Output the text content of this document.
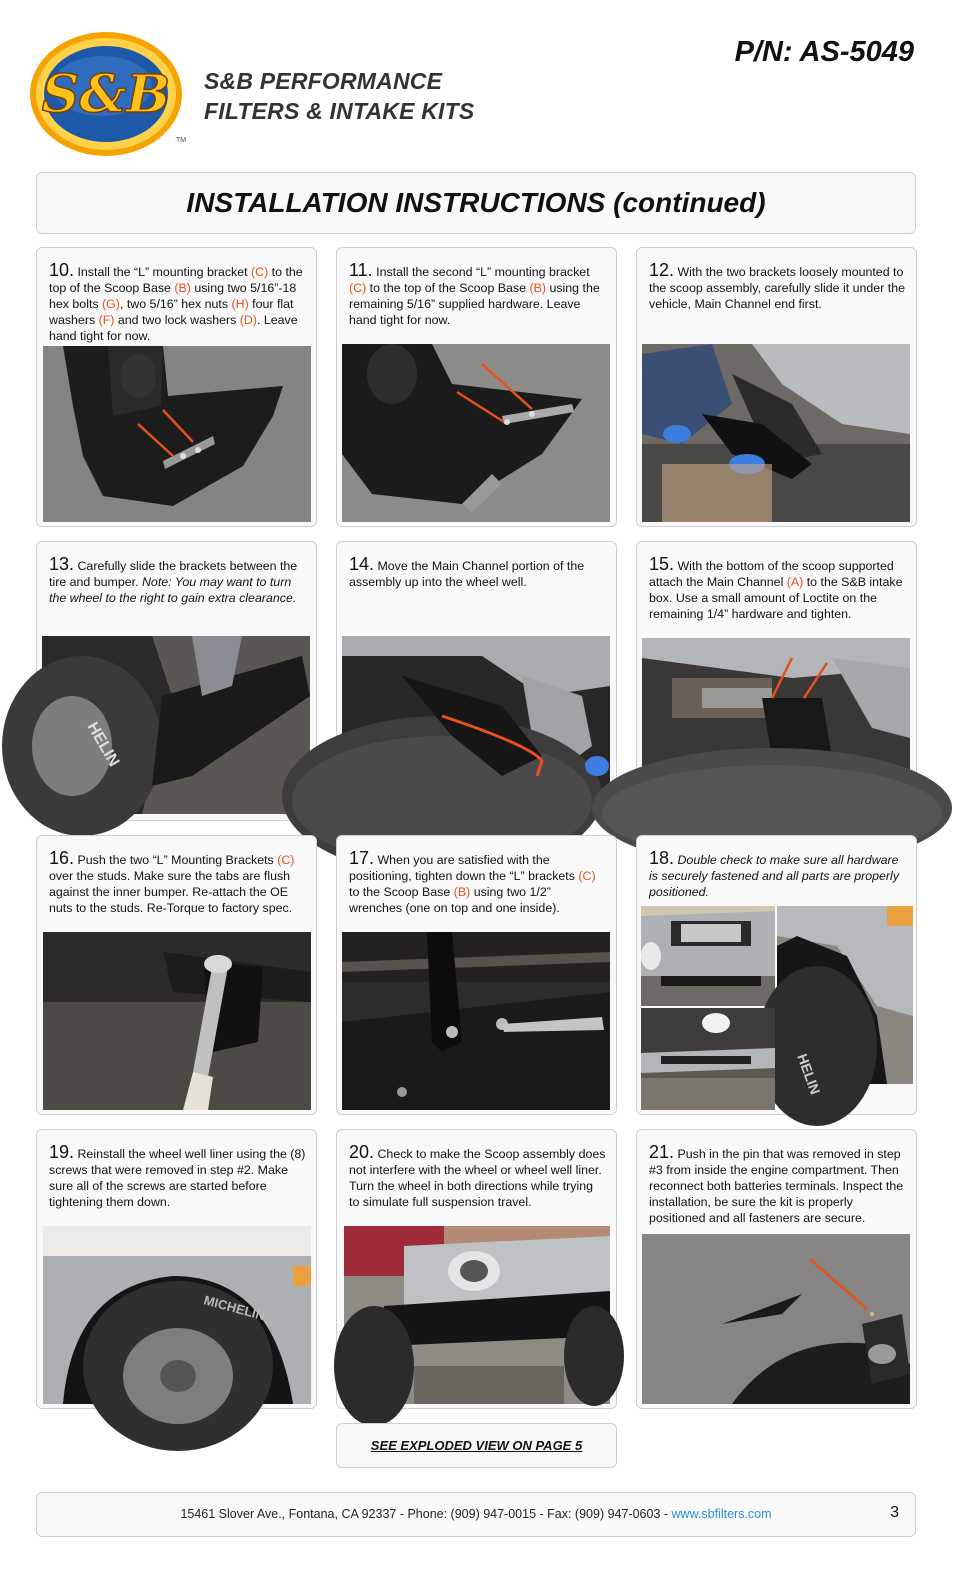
S&B
TM
S&B PERFORMANCE
FILTERS & INTAKE KITS
P/N: AS-5049
INSTALLATION INSTRUCTIONS (continued)
10. Install the “L” mounting bracket (C) to the top of the Scoop Base (B) using two 5/16”-18 hex bolts (G), two 5/16” hex nuts (H) four flat washers (F) and two lock washers (D). Leave hand tight for now.
11. Install the second “L” mounting bracket (C) to the top of the Scoop Base (B) using the remaining 5/16” supplied hardware. Leave hand tight for now.
12. With the two brackets loosely mounted to the scoop assembly, carefully slide it under the vehicle, Main Channel end first.
13. Carefully slide the brackets between the tire and bumper. Note: You may want to turn the wheel to the right to gain extra clearance.
HELIN
14. Move the Main Channel portion of the assembly up into the wheel well.
15. With the bottom of the scoop supported attach the Main Channel (A) to the S&B intake box. Use a small amount of Loctite on the remaining 1/4” hardware and tighten.
16. Push the two “L” Mounting Brackets (C) over the studs. Make sure the tabs are flush against the inner bumper. Re-attach the OE nuts to the studs. Re-Torque to factory spec.
17. When you are satisfied with the positioning, tighten down the “L” brackets (C) to the Scoop Base (B) using two 1/2” wrenches (one on top and one inside).
18. Double check to make sure all hardware is securely fastened and all parts are properly positioned.
HELIN
19. Reinstall the wheel well liner using the (8) screws that were removed in step #2. Make sure all of the screws are started before tightening them down.
MICHELIN
20. Check to make the Scoop assembly does not interfere with the wheel or wheel well liner. Turn the wheel in both directions while trying to simulate full suspension travel.
21. Push in the pin that was removed in step #3 from inside the engine compartment. Then reconnect both batteries terminals. Inspect the installation, be sure the kit is properly positioned and all fasteners are secure.
SEE EXPLODED VIEW ON PAGE 5
15461 Slover Ave., Fontana, CA 92337 - Phone: (909) 947-0015 - Fax: (909) 947-0603 - www.sbfilters.com	3
